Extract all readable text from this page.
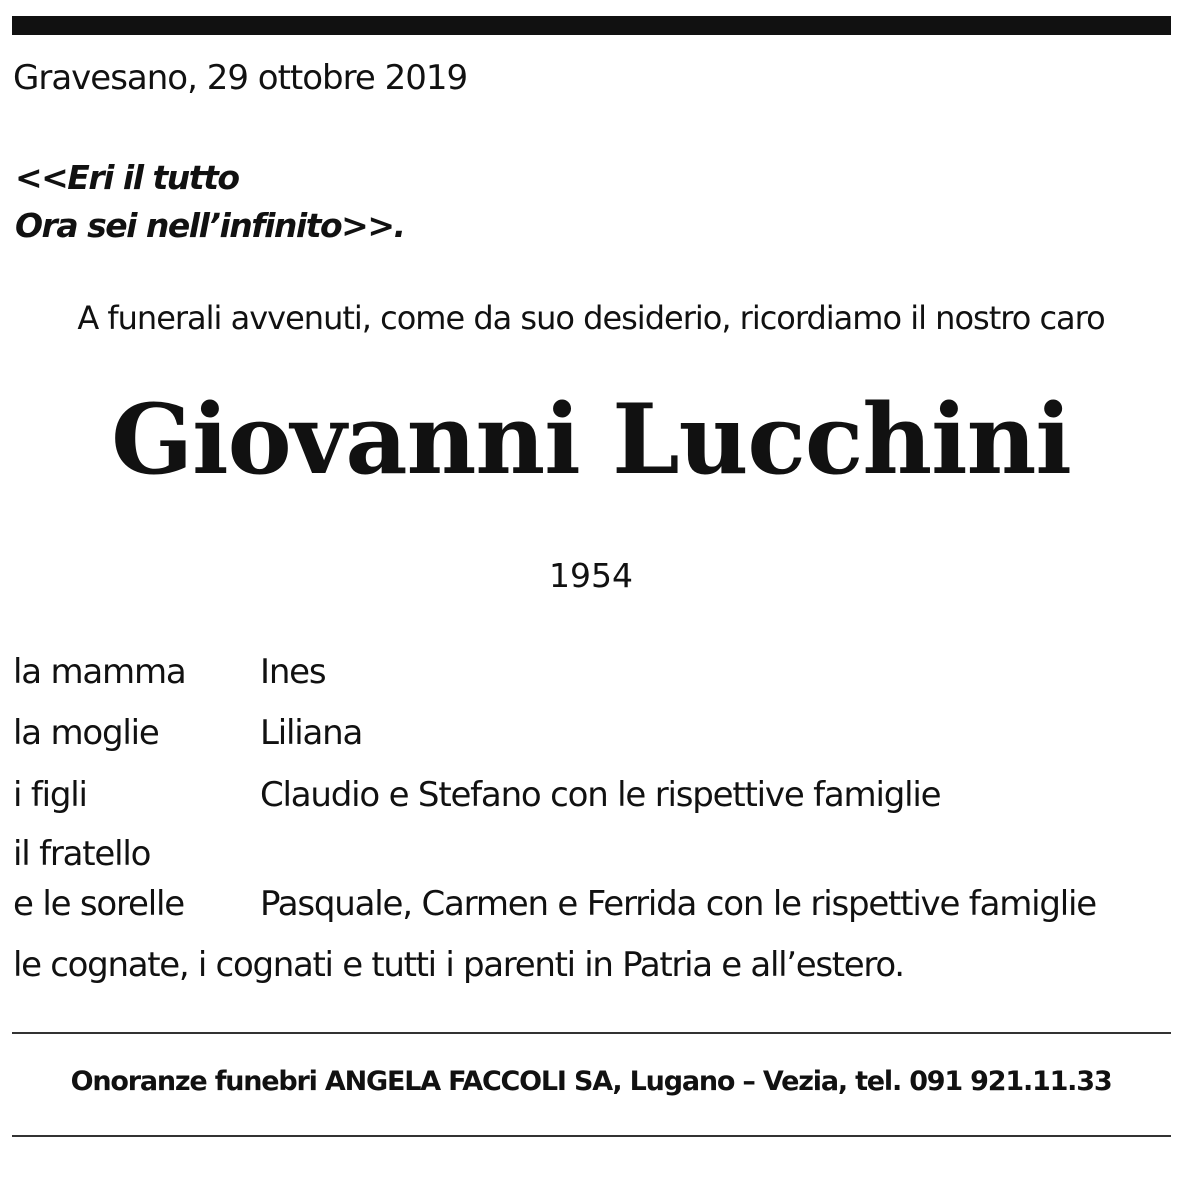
Gravesano, 29 ottobre 2019
<<Eri il tutto
Ora sei nell’infinito>>.
A funerali avvenuti, come da suo desiderio, ricordiamo il nostro caro
Giovanni Lucchini
1954
la mamma Ines
la moglie	Liliana
i figli	Claudio e Stefano con le rispettive famiglie
il fratello
e le sorelle Pasquale, Carmen e Ferrida con le rispettive famiglie
le cognate, i cognati e tutti i parenti in Patria e all’estero.
Onoranze funebri ANGELA FACCOLI SA, Lugano – Vezia, tel. 091 921.11.33
